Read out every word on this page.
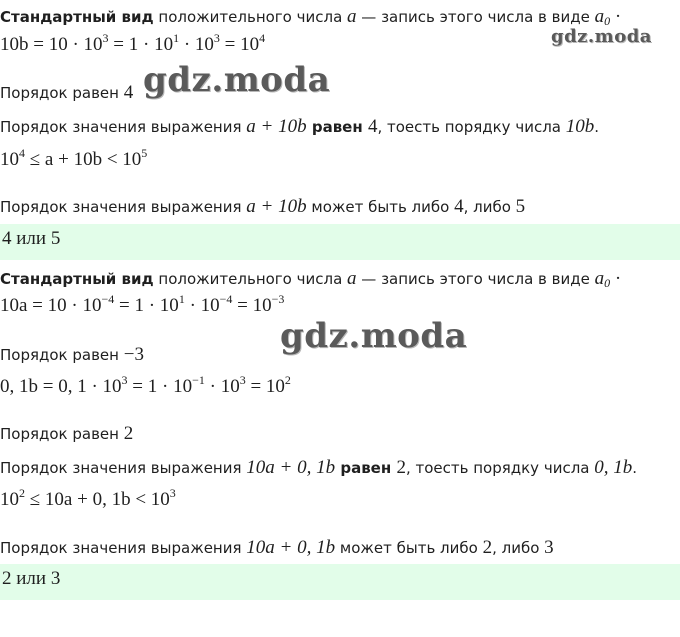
gdz.moda
gdz.moda
gdz.moda
Стандартный вид положительного числа a — запись этого числа в виде $a_0$ ·
$10b = 10 \cdot 10^3 = 1 \cdot 10^1 \cdot 10^3 = 10^4$
Порядок равен 4
Порядок значения выражения a + 10b равен 4, тоесть порядку числа 10b.
$10^4 \le a + 10b < 10^5$
Порядок значения выражения a + 10b может быть либо 4, либо 5
4 или 5
Стандартный вид положительного числа a — запись этого числа в виде $a_0$ ·
$10a = 10 \cdot 10^{-4} = 1 \cdot 10^1 \cdot 10^{-4} = 10^{-3}$
Порядок равен −3
0, 1b = 0, $1 \cdot 10^3 = 1 \cdot 10^{-1} \cdot 10^3 = 10^2$
Порядок равен 2
Порядок значения выражения 10a + 0, 1b равен 2, тоесть порядку числа 0, 1b.
$10^2 \le 10a + 0$, $1b < 10^3$
Порядок значения выражения 10a + 0, 1b может быть либо 2, либо 3
2 или 3
